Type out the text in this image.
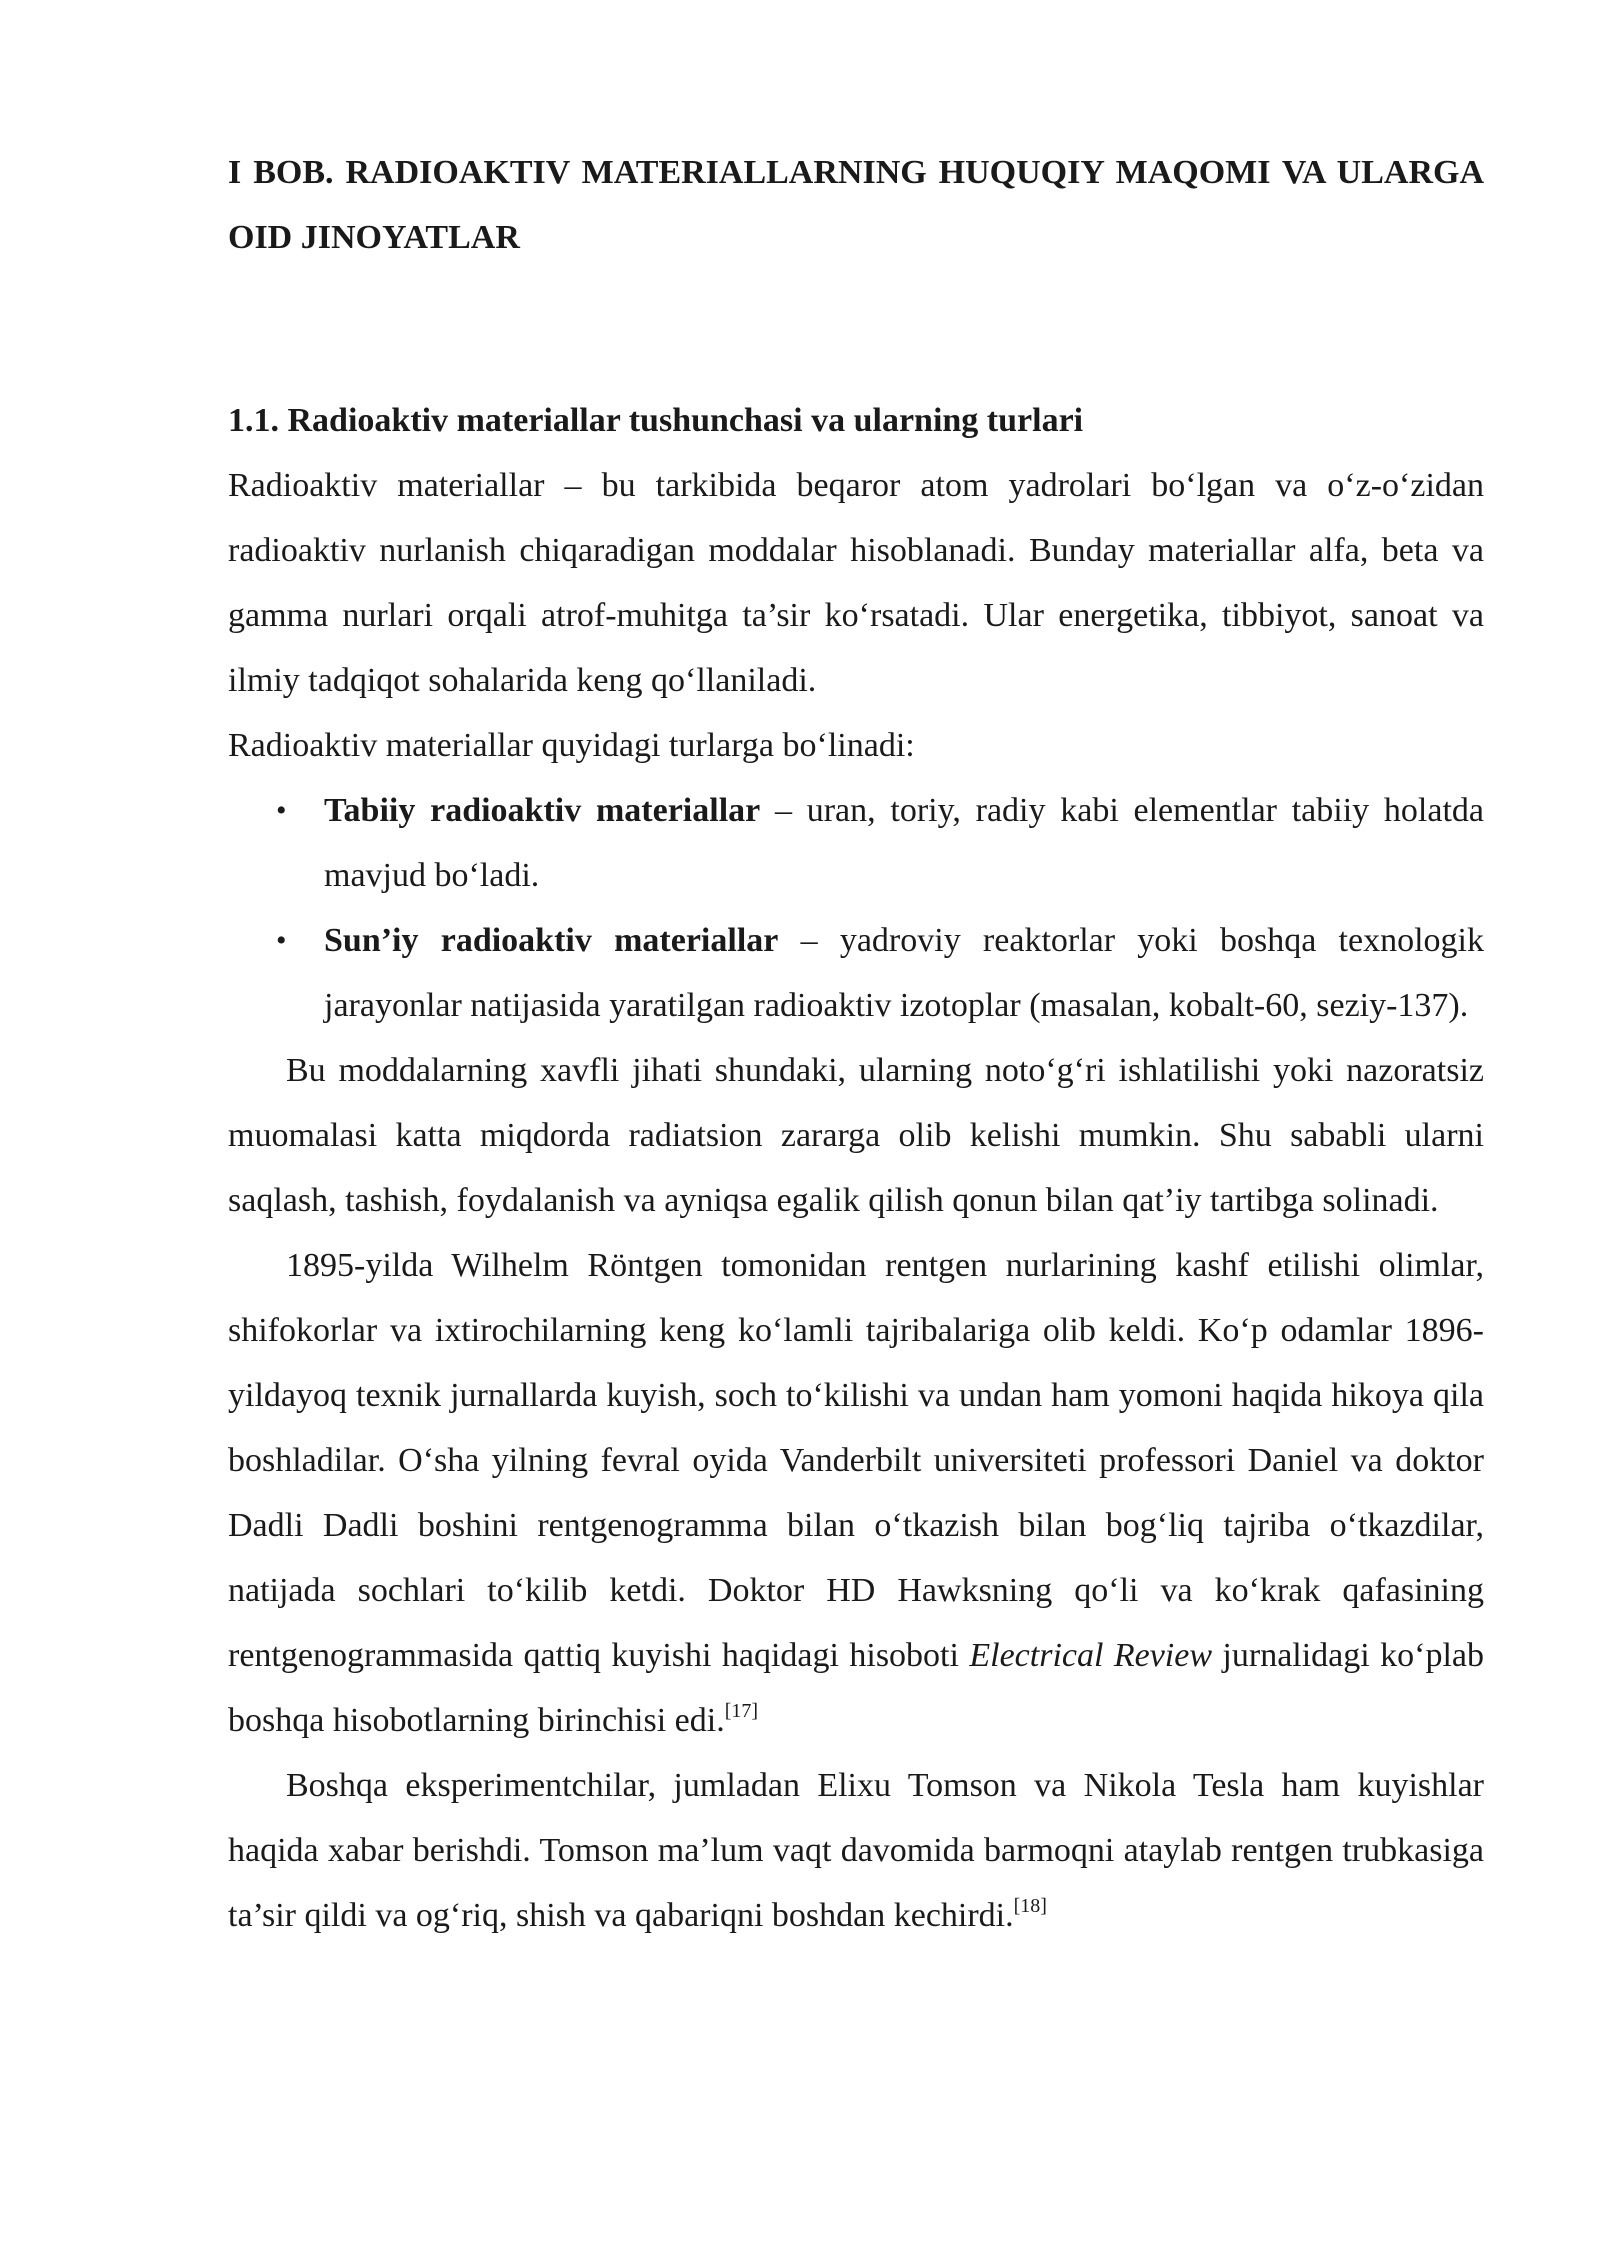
I BOB. RADIOAKTIV MATERIALLARNING HUQUQIY MAQOMI VA ULARGA OID JINOYATLAR
1.1. Radioaktiv materiallar tushunchasi va ularning turlari

Radioaktiv materiallar – bu tarkibida beqaror atom yadrolari bo‘lgan va o‘z-o‘zidan radioaktiv nurlanish chiqaradigan moddalar hisoblanadi. Bunday materiallar alfa, beta va gamma nurlari orqali atrof-muhitga ta’sir ko‘rsatadi. Ular energetika, tibbiyot, sanoat va ilmiy tadqiqot sohalarida keng qo‘llaniladi.

Radioaktiv materiallar quyidagi turlarga bo‘linadi:

• Tabiiy radioaktiv materiallar – uran, toriy, radiy kabi elementlar tabiiy holatda mavjud bo‘ladi.
• Sun’iy radioaktiv materiallar – yadroviy reaktorlar yoki boshqa texnologik jarayonlar natijasida yaratilgan radioaktiv izotoplar (masalan, kobalt-60, seziy-137).

Bu moddalarning xavfli jihati shundaki, ularning noto‘g‘ri ishlatilishi yoki nazoratsiz muomalasi katta miqdorda radiatsion zararga olib kelishi mumkin. Shu sababli ularni saqlash, tashish, foydalanish va ayniqsa egalik qilish qonun bilan qat’iy tartibga solinadi.

1895-yilda Wilhelm Röntgen tomonidan rentgen nurlarining kashf etilishi olimlar, shifokorlar va ixtirochilarning keng ko‘lamli tajribalariga olib keldi. Ko‘p odamlar 1896-yildayoq texnik jurnallarda kuyish, soch to‘kilishi va undan ham yomoni haqida hikoya qila boshladilar. O‘sha yilning fevral oyida Vanderbilt universiteti professori Daniel va doktor Dadli Dadli boshini rentgenogramma bilan o‘tkazish bilan bog‘liq tajriba o‘tkazdilar, natijada sochlari to‘kilib ketdi. Doktor HD Hawksning qo‘li va ko‘krak qafasining rentgenogrammasida qattiq kuyishi haqidagi hisoboti Electrical Review jurnalidagi ko‘plab boshqa hisobotlarning birinchisi edi.[17]

Boshqa eksperimentchilar, jumladan Elixu Tomson va Nikola Tesla ham kuyishlar haqida xabar berishdi. Tomson ma’lum vaqt davomida barmoqni ataylab rentgen trubkasiga ta’sir qildi va og‘riq, shish va qabariqni boshdan kechirdi.[18]
